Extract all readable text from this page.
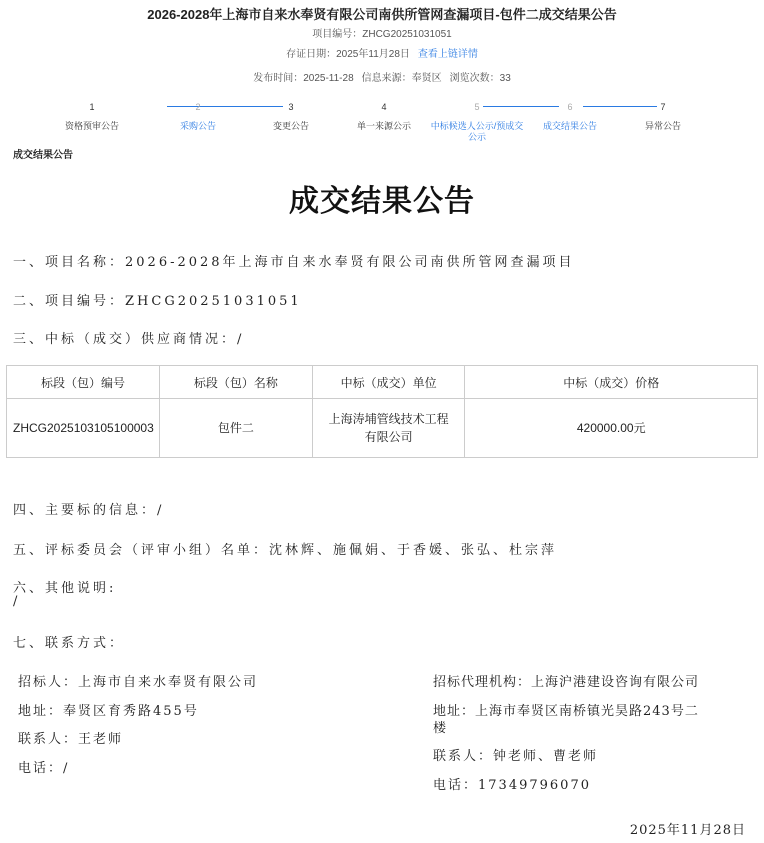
2026-2028年上海市自来水奉贤有限公司南供所管网查漏项目-包件二成交结果公告
项目编号：ZHCG20251031051
存证日期：2025年11月28日 查看上链详情
发布时间：2025-11-28 信息来源：奉贤区 浏览次数：33
1
资格预审公告
2
采购公告
3
变更公告
4
单一来源公示
5
中标候选人公示/预成交公示
6
成交结果公告
7
异常公告
成交结果公告
成交结果公告
一、项目名称：2026-2028年上海市自来水奉贤有限公司南供所管网查漏项目
二、项目编号：ZHCG20251031051
三、中标（成交）供应商情况：/
标段（包）编号	标段（包）名称	中标（成交）单位	中标（成交）价格
ZHCG2025103105100003	包件二	上海涛埔管线技术工程
有限公司	420000.00元
四、主要标的信息：/
五、评标委员会（评审小组）名单：沈林辉、施佩娟、于香媛、张弘、杜宗萍
六、其他说明:
/
七、联系方式：
招标人：上海市自来水奉贤有限公司
地址：奉贤区育秀路455号
联系人：王老师
电话：/
招标代理机构：上海沪港建设咨询有限公司
地址：上海市奉贤区南桥镇光昊路243号二
楼
联系人：钟老师、曹老师
电话：17349796070
2025年11月28日
